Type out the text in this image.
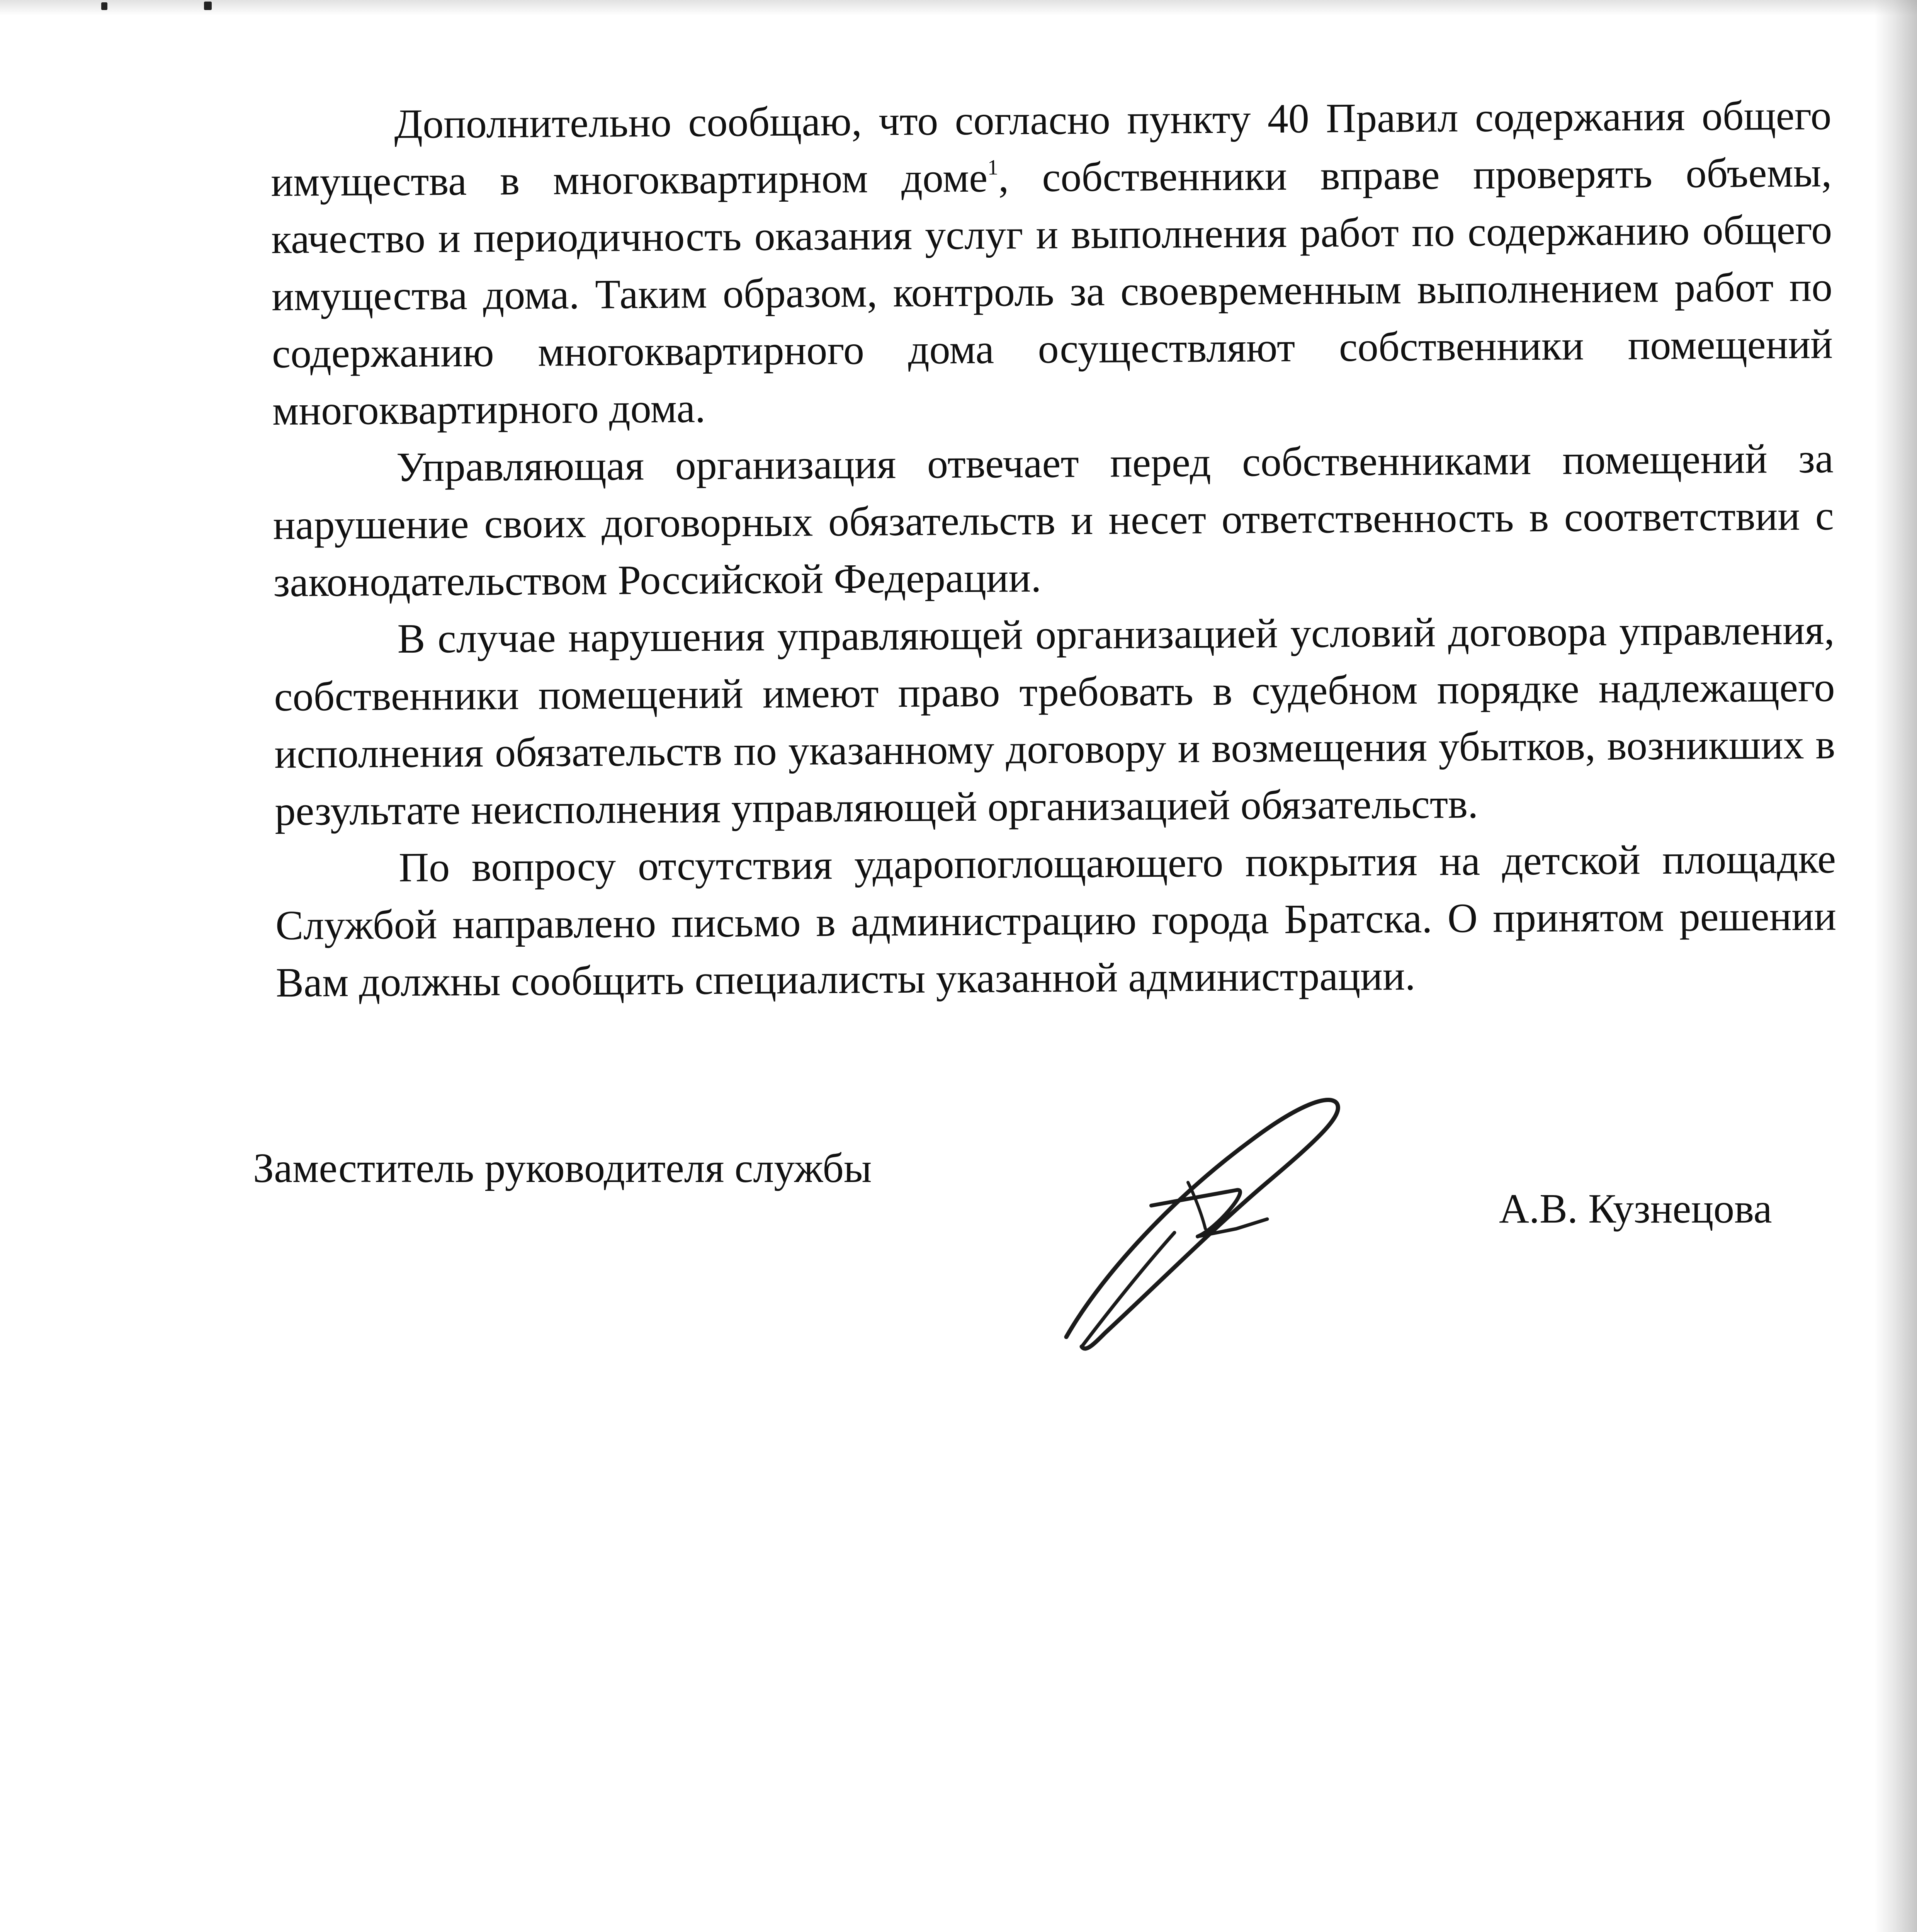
Дополнительно сообщаю, что согласно пункту 40 Правил содержания общего имущества в многоквартирном доме$^1$, собственники вправе проверять объемы, качество и периодичность оказания услуг и выполнения работ по содержанию общего имущества дома. Таким образом, контроль за своевременным выполнением работ по содержанию многоквартирного дома осуществляют собственники помещений многоквартирного дома.

Управляющая организация отвечает перед собственниками помещений за нарушение своих договорных обязательств и несет ответственность в соответствии с законодательством Российской Федерации.

В случае нарушения управляющей организацией условий договора управления, собственники помещений имеют право требовать в судебном порядке надлежащего исполнения обязательств по указанному договору и возмещения убытков, возникших в результате неисполнения управляющей организацией обязательств.

По вопросу отсутствия ударопоглощающего покрытия на детской площадке Службой направлено письмо в администрацию города Братска. О принятом решении Вам должны сообщить специалисты указанной администрации.

Заместитель руководителя службы
А.В. Кузнецова
